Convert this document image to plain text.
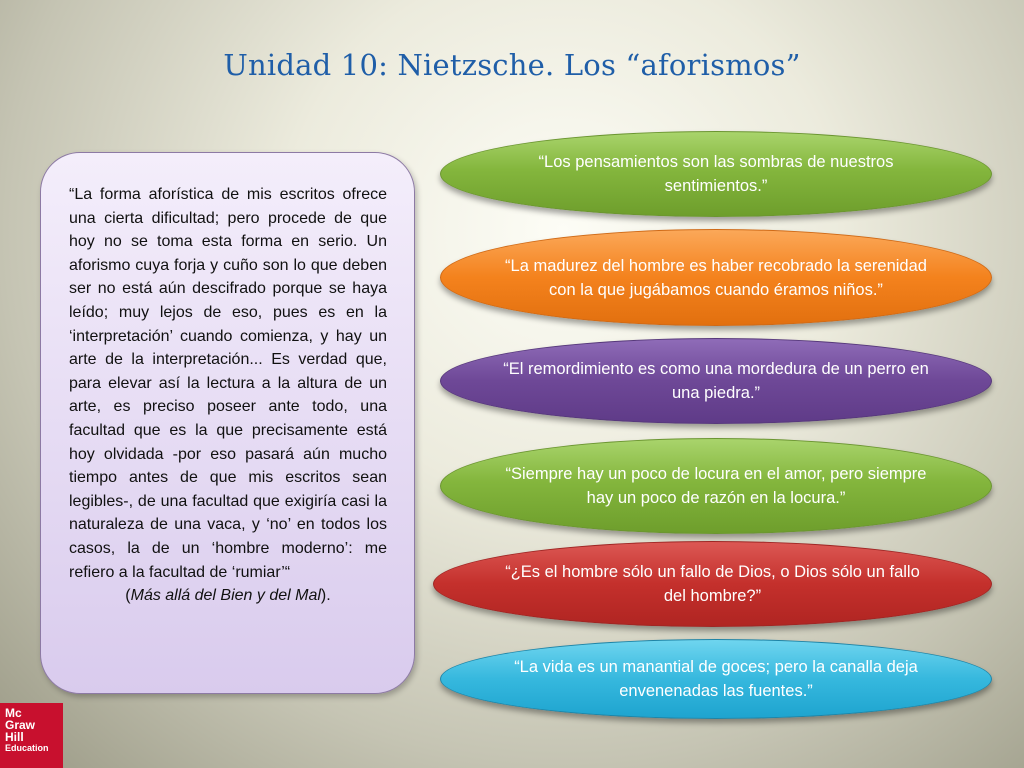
Unidad 10: Nietzsche. Los “aforismos”

“La forma aforística de mis escritos ofrece una cierta dificultad; pero procede de que hoy no se toma esta forma en serio. Un aforismo cuya forja y cuño son lo que deben ser no está aún descifrado porque se haya leído; muy lejos de eso, pues es en la ‘interpretación’ cuando comienza, y hay un arte de la interpretación... Es verdad que, para elevar así la lectura a la altura de un arte, es preciso poseer ante todo, una facultad que es la que precisamente está hoy olvidada -por eso pasará aún mucho tiempo antes de que mis escritos sean legibles-, de una facultad que exigiría casi la naturaleza de una vaca, y ‘no’ en todos los casos, la de un ‘hombre moderno’: me refiero a la facultad de ‘rumiar’“

(Más allá del Bien y del Mal).

“Los pensamientos son las sombras de nuestros sentimientos.”
“La madurez del hombre es haber recobrado la serenidad con la que jugábamos cuando éramos niños.”
“El remordimiento es como una mordedura de un perro en una piedra.”
“Siempre hay un poco de locura en el amor, pero siempre hay un poco de razón en la locura.”
“¿Es el hombre sólo un fallo de Dios, o Dios sólo un fallo del hombre?”
“La vida es un manantial de goces; pero la canalla deja envenenadas las fuentes.”
Mc
Graw
Hill
Education
